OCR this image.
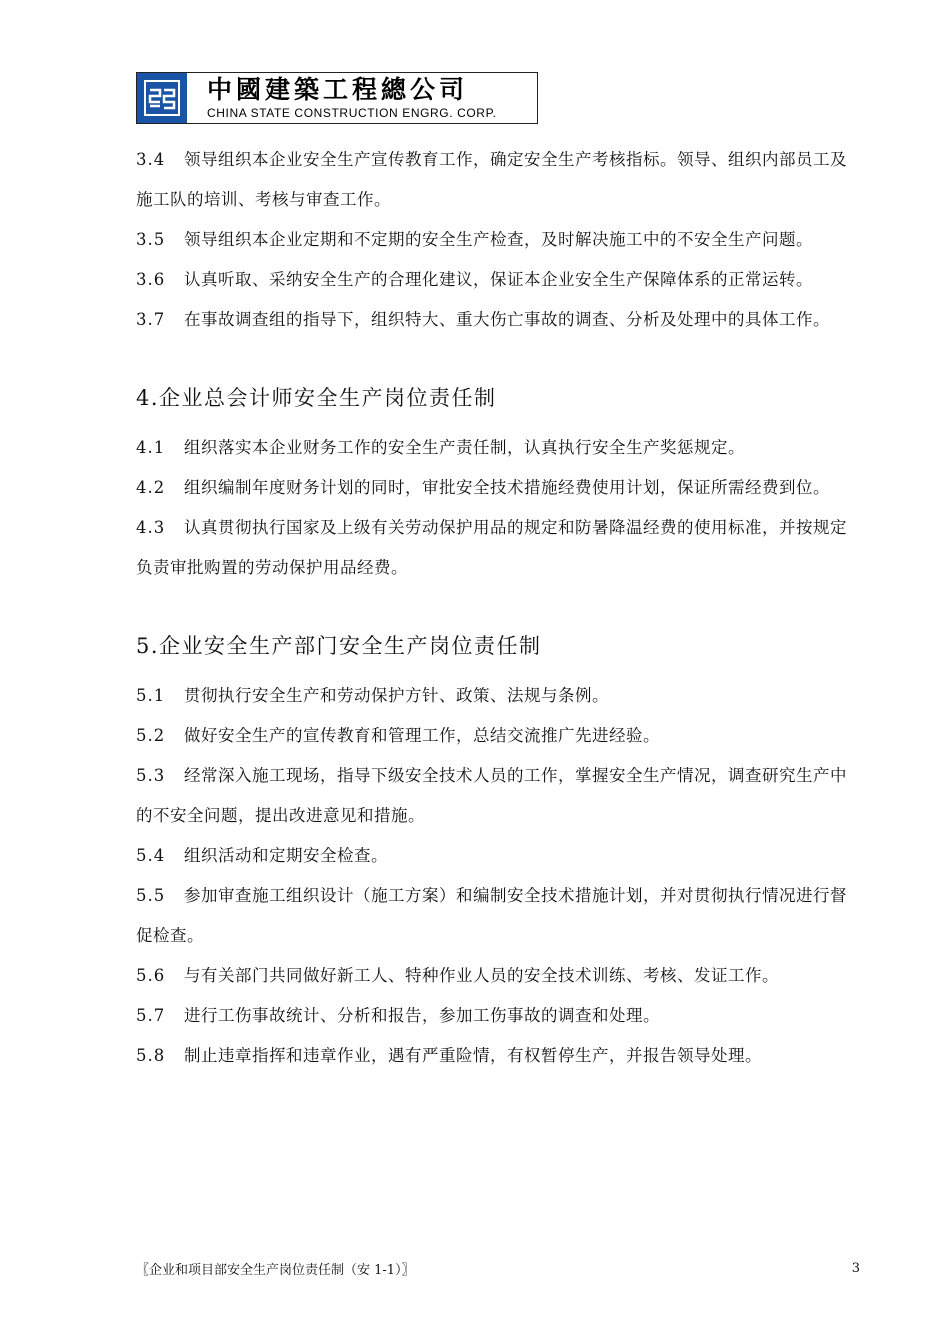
中國建築工程總公司
CHINA STATE CONSTRUCTION ENGRG. CORP.

3.4 领导组织本企业安全生产宣传教育工作，确定安全生产考核指标。领导、组织内部员工及施工队的培训、考核与审查工作。

3.5 领导组织本企业定期和不定期的安全生产检查，及时解决施工中的不安全生产问题。

3.6 认真听取、采纳安全生产的合理化建议，保证本企业安全生产保障体系的正常运转。

3.7 在事故调查组的指导下，组织特大、重大伤亡事故的调查、分析及处理中的具体工作。

4.企业总会计师安全生产岗位责任制

4.1 组织落实本企业财务工作的安全生产责任制，认真执行安全生产奖惩规定。

4.2 组织编制年度财务计划的同时，审批安全技术措施经费使用计划，保证所需经费到位。

4.3 认真贯彻执行国家及上级有关劳动保护用品的规定和防暑降温经费的使用标准，并按规定负责审批购置的劳动保护用品经费。

5.企业安全生产部门安全生产岗位责任制

5.1 贯彻执行安全生产和劳动保护方针、政策、法规与条例。

5.2 做好安全生产的宣传教育和管理工作，总结交流推广先进经验。

5.3 经常深入施工现场，指导下级安全技术人员的工作，掌握安全生产情况，调查研究生产中的不安全问题，提出改进意见和措施。

5.4 组织活动和定期安全检查。

5.5 参加审查施工组织设计（施工方案）和编制安全技术措施计划，并对贯彻执行情况进行督促检查。

5.6 与有关部门共同做好新工人、特种作业人员的安全技术训练、考核、发证工作。

5.7 进行工伤事故统计、分析和报告，参加工伤事故的调查和处理。

5.8 制止违章指挥和违章作业，遇有严重险情，有权暂停生产，并报告领导处理。

〖企业和项目部安全生产岗位责任制（安 1-1）〗	3
